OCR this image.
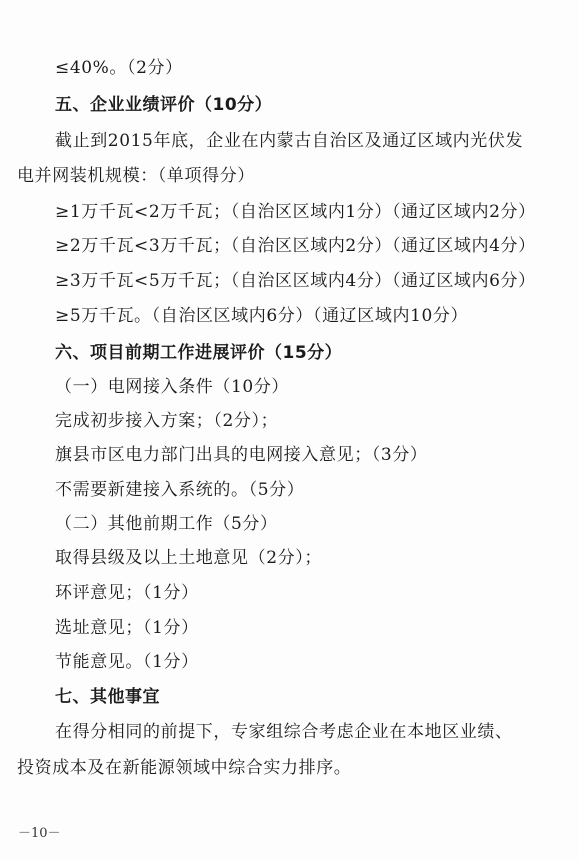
≤40%。（2分）
五、企业业绩评价（10分）
截止到2015年底，企业在内蒙古自治区及通辽区域内光伏发
电并网装机规模：（单项得分）
≥1万千瓦<2万千瓦；（自治区区域内1分）（通辽区域内2分）
≥2万千瓦<3万千瓦；（自治区区域内2分）（通辽区域内4分）
≥3万千瓦<5万千瓦；（自治区区域内4分）（通辽区域内6分）
≥5万千瓦。（自治区区域内6分）（通辽区域内10分）
六、项目前期工作进展评价（15分）
（一）电网接入条件（10分）
完成初步接入方案；（2分）；
旗县市区电力部门出具的电网接入意见；（3分）
不需要新建接入系统的。（5分）
（二）其他前期工作（5分）
取得县级及以上土地意见（2分）；
环评意见；（1分）
选址意见；（1分）
节能意见。（1分）
七、其他事宜
在得分相同的前提下，专家组综合考虑企业在本地区业绩、
投资成本及在新能源领域中综合实力排序。
－10－
